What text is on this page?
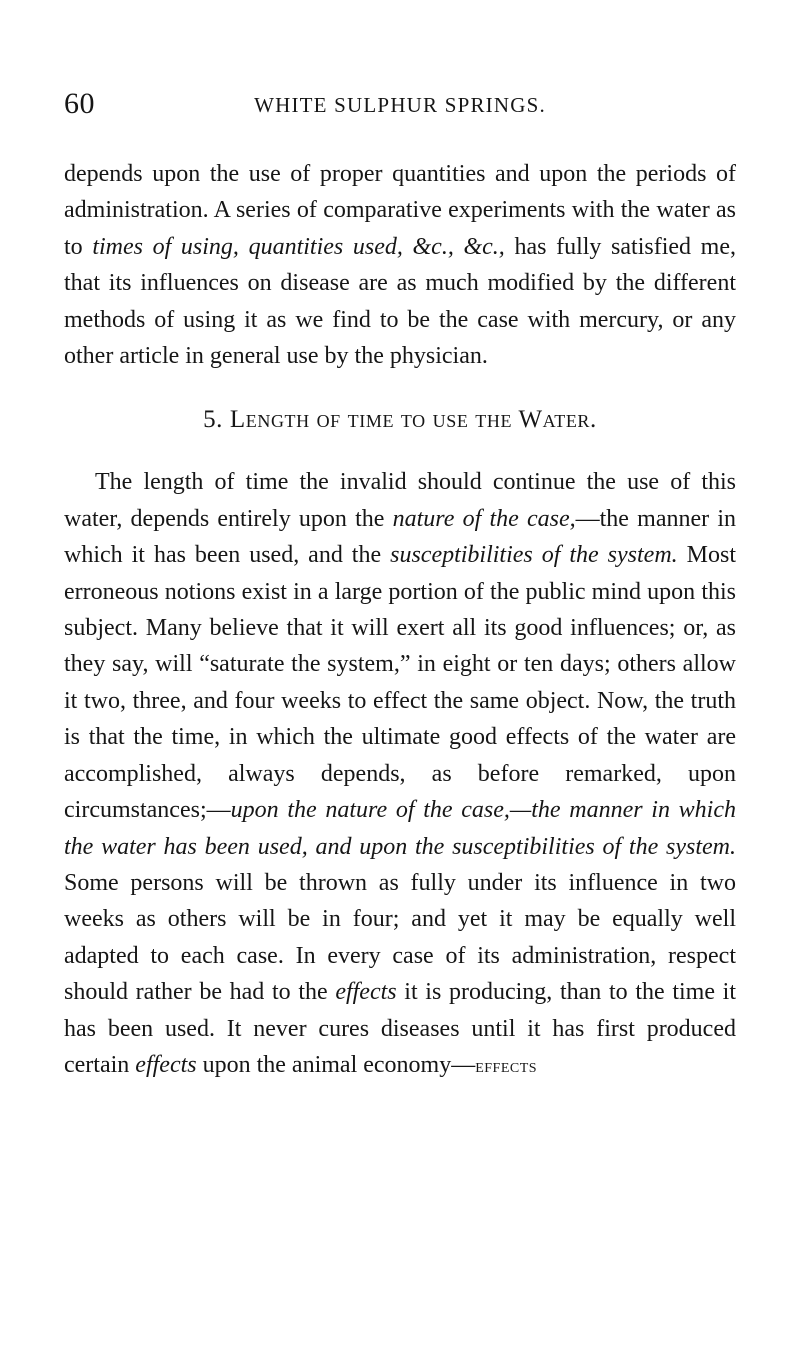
60	WHITE SULPHUR SPRINGS.

depends upon the use of proper quantities and upon the periods of administration. A series of comparative experiments with the water as to times of using, quantities used, &c., &c., has fully satisfied me, that its influences on disease are as much modified by the different methods of using it as we find to be the case with mercury, or any other article in general use by the physician.

5. Length of time to use the Water.

The length of time the invalid should continue the use of this water, depends entirely upon the nature of the case,—the manner in which it has been used, and the susceptibilities of the system. Most erroneous notions exist in a large portion of the public mind upon this subject. Many believe that it will exert all its good influences; or, as they say, will “saturate the system,” in eight or ten days; others allow it two, three, and four weeks to effect the same object. Now, the truth is that the time, in which the ultimate good effects of the water are accomplished, always depends, as before remarked, upon circumstances;—upon the nature of the case,—the manner in which the water has been used, and upon the susceptibilities of the system. Some persons will be thrown as fully under its influence in two weeks as others will be in four; and yet it may be equally well adapted to each case. In every case of its administration, respect should rather be had to the effects it is producing, than to the time it has been used. It never cures diseases until it has first produced certain effects upon the animal economy—effects
